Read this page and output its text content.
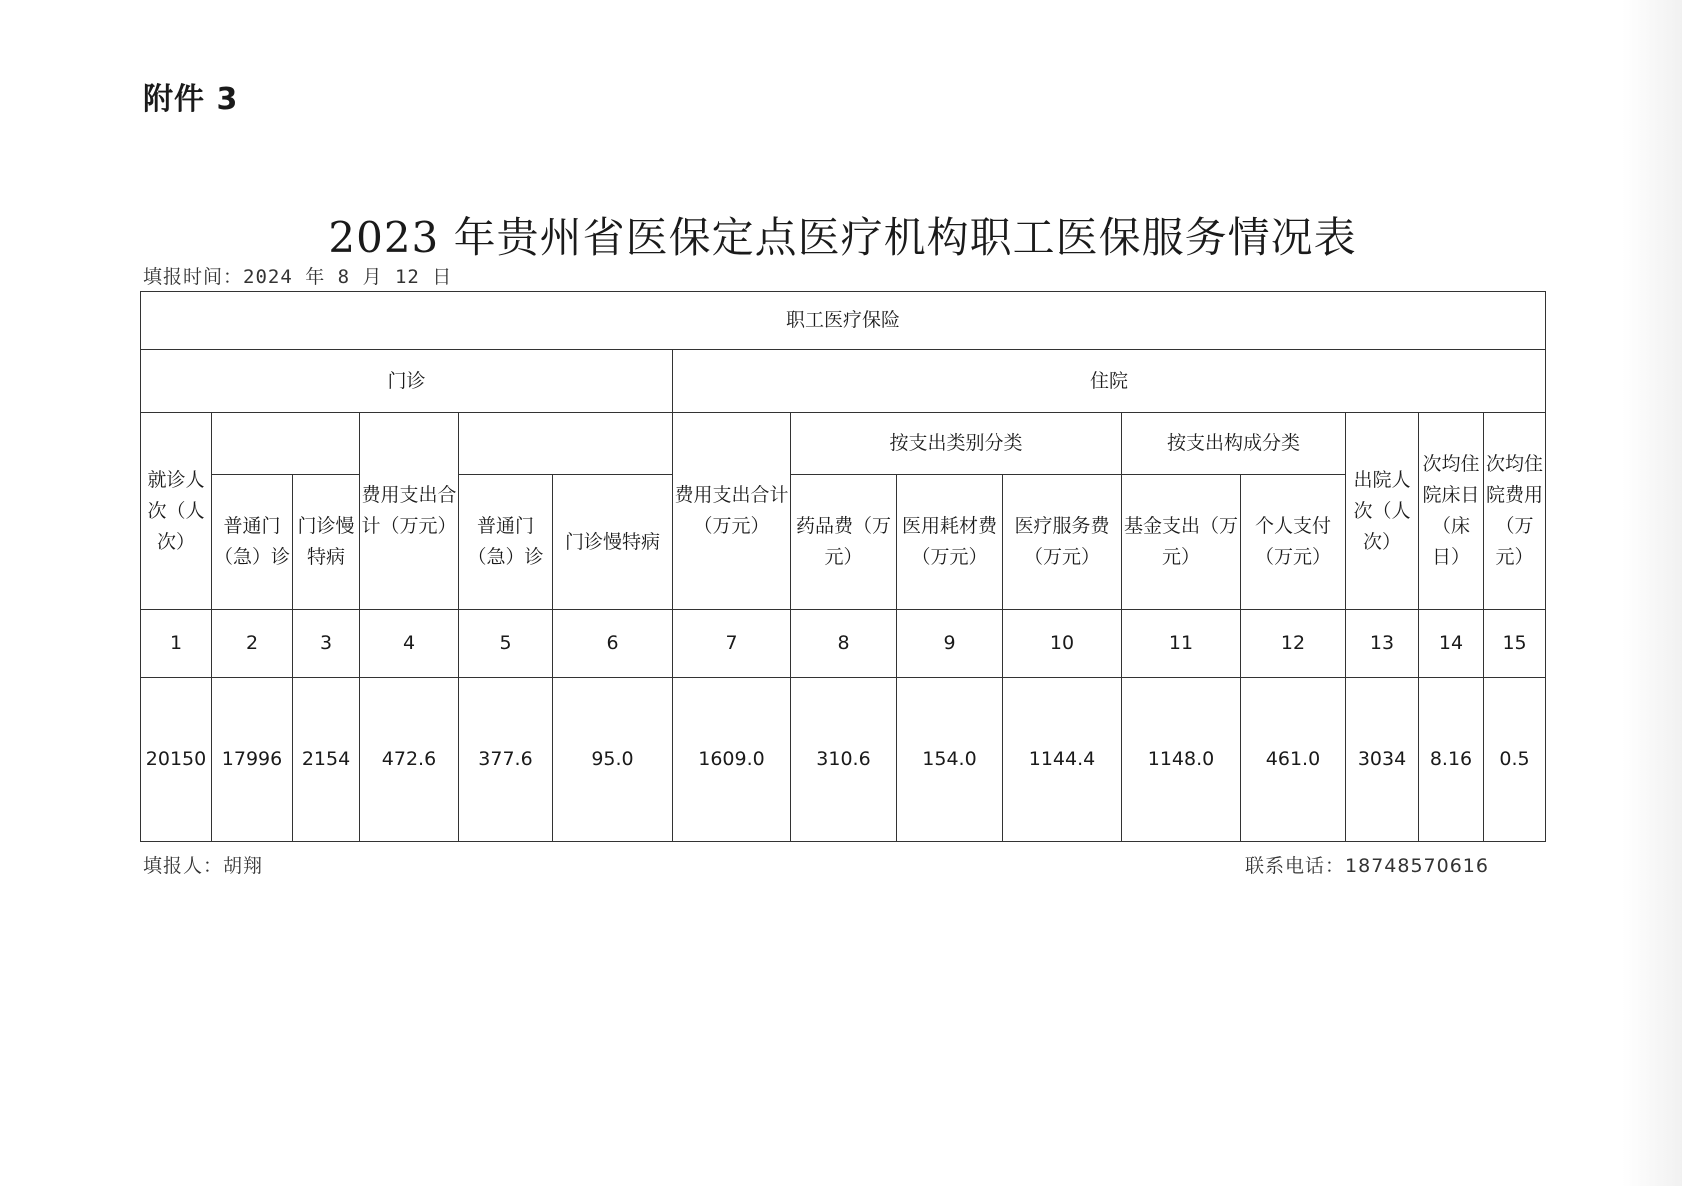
附件 3
2023 年贵州省医保定点医疗机构职工医保服务情况表
填报时间：2024 年 8 月 12 日
职工医疗保险														
门诊						住院								
就诊人次（人次）			费用支出合计（万元）			费用支出合计（万元）	按支出类别分类			按支出构成分类		出院人次（人次）	次均住院床日（床日）	次均住院费用（万元）
	普通门（急）诊	门诊慢特病		普通门（急）诊	门诊慢特病		药品费（万元）	医用耗材费（万元）	医疗服务费（万元）	基金支出（万元）	个人支付（万元）			
1	2	3	4	5	6	7	8	9	10	11	12	13	14	15
20150	17996	2154	472.6	377.6	95.0	1609.0	310.6	154.0	1144.4	1148.0	461.0	3034	8.16	0.5
填报人：胡翔	联系电话：18748570616
